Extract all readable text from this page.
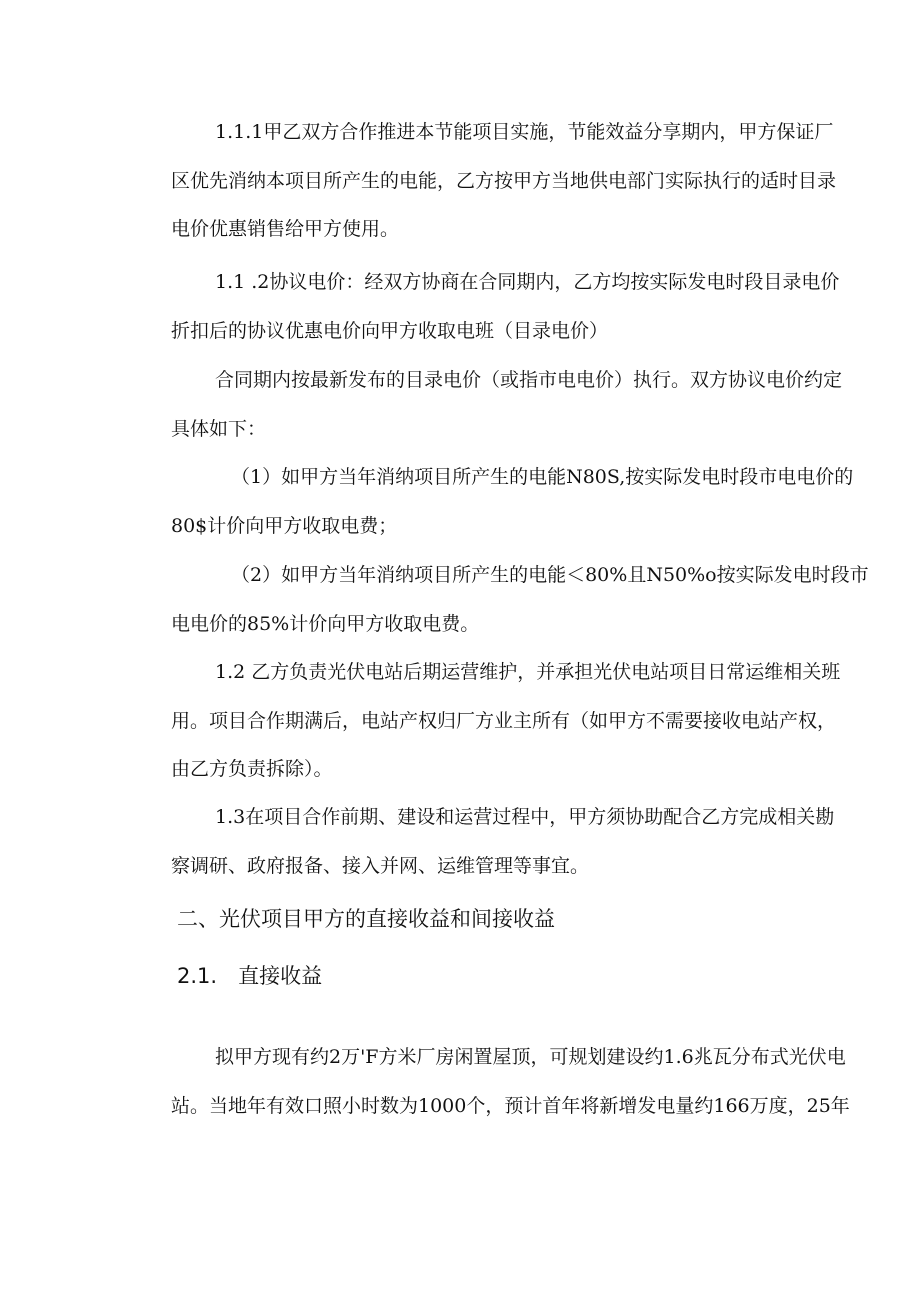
1.1.1甲乙双方合作推进本节能项目实施，节能效益分享期内，甲方保证厂
区优先消纳本项目所产生的电能，乙方按甲方当地供电部门实际执行的适时目录
电价优惠销售给甲方使用。
1.1 .2协议电价：经双方协商在合同期内，乙方均按实际发电时段目录电价
折扣后的协议优惠电价向甲方收取电班（目录电价）
合同期内按最新发布的目录电价（或指市电电价）执行。双方协议电价约定
具体如下：
（1）如甲方当年消纳项目所产生的电能N80S,按实际发电时段市电电价的
80$计价向甲方收取电费；
（2）如甲方当年消纳项目所产生的电能＜80%且N50%o按实际发电时段市
电电价的85%计价向甲方收取电费。
1.2 乙方负责光伏电站后期运营维护，并承担光伏电站项目日常运维相关班
用。项目合作期满后，电站产权归厂方业主所有（如甲方不需要接收电站产权，
由乙方负责拆除）。
1.3在项目合作前期、建设和运营过程中，甲方须协助配合乙方完成相关勘
察调研、政府报备、接入并网、运维管理等事宜。
二、光伏项目甲方的直接收益和间接收益
2.1.　直接收益
拟甲方现有约2万'F方米厂房闲置屋顶，可规划建设约1.6兆瓦分布式光伏电
站。当地年有效口照小时数为1000个，预计首年将新增发电量约166万度，25年
